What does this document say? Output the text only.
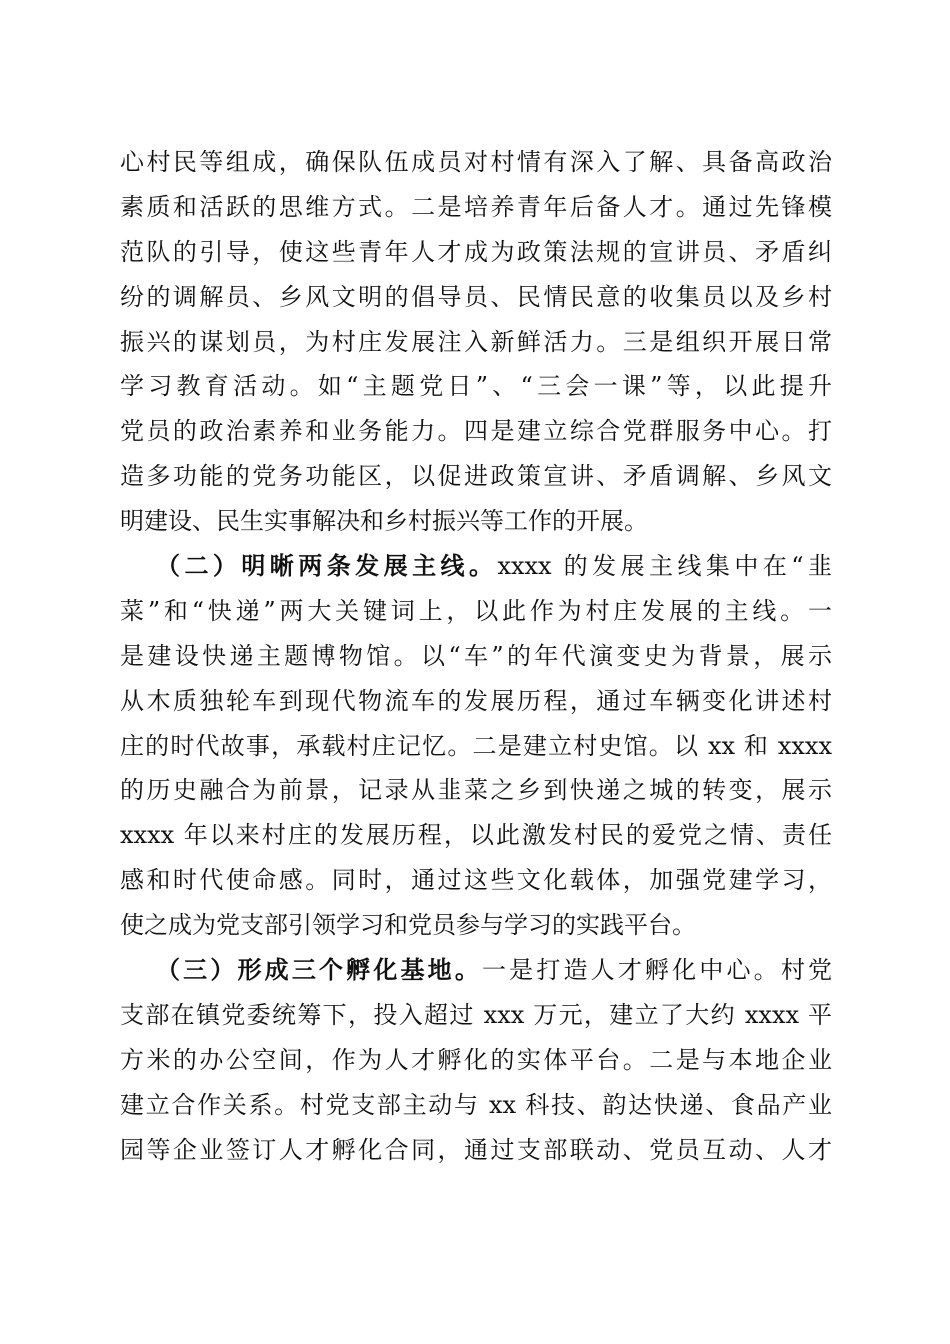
心村民等组成，确保队伍成员对村情有深入了解、具备高政治
素质和活跃的思维方式。二是培养青年后备人才。通过先锋模
范队的引导，使这些青年人才成为政策法规的宣讲员、矛盾纠
纷的调解员、乡风文明的倡导员、民情民意的收集员以及乡村
振兴的谋划员，为村庄发展注入新鲜活力。三是组织开展日常
学习教育活动。如“主题党日”、“三会一课”等，以此提升
党员的政治素养和业务能力。四是建立综合党群服务中心。打
造多功能的党务功能区，以促进政策宣讲、矛盾调解、乡风文
明建设、民生实事解决和乡村振兴等工作的开展。
（二）明晰两条发展主线。xxxx 的发展主线集中在“韭
菜”和“快递”两大关键词上，以此作为村庄发展的主线。一
是建设快递主题博物馆。以“车”的年代演变史为背景，展示
从木质独轮车到现代物流车的发展历程，通过车辆变化讲述村
庄的时代故事，承载村庄记忆。二是建立村史馆。以 xx 和 xxxx
的历史融合为前景，记录从韭菜之乡到快递之城的转变，展示
xxxx 年以来村庄的发展历程，以此激发村民的爱党之情、责任
感和时代使命感。同时，通过这些文化载体，加强党建学习，
使之成为党支部引领学习和党员参与学习的实践平台。
（三）形成三个孵化基地。一是打造人才孵化中心。村党
支部在镇党委统筹下，投入超过 xxx 万元，建立了大约 xxxx 平
方米的办公空间，作为人才孵化的实体平台。二是与本地企业
建立合作关系。村党支部主动与 xx 科技、韵达快递、食品产业
园等企业签订人才孵化合同，通过支部联动、党员互动、人才
